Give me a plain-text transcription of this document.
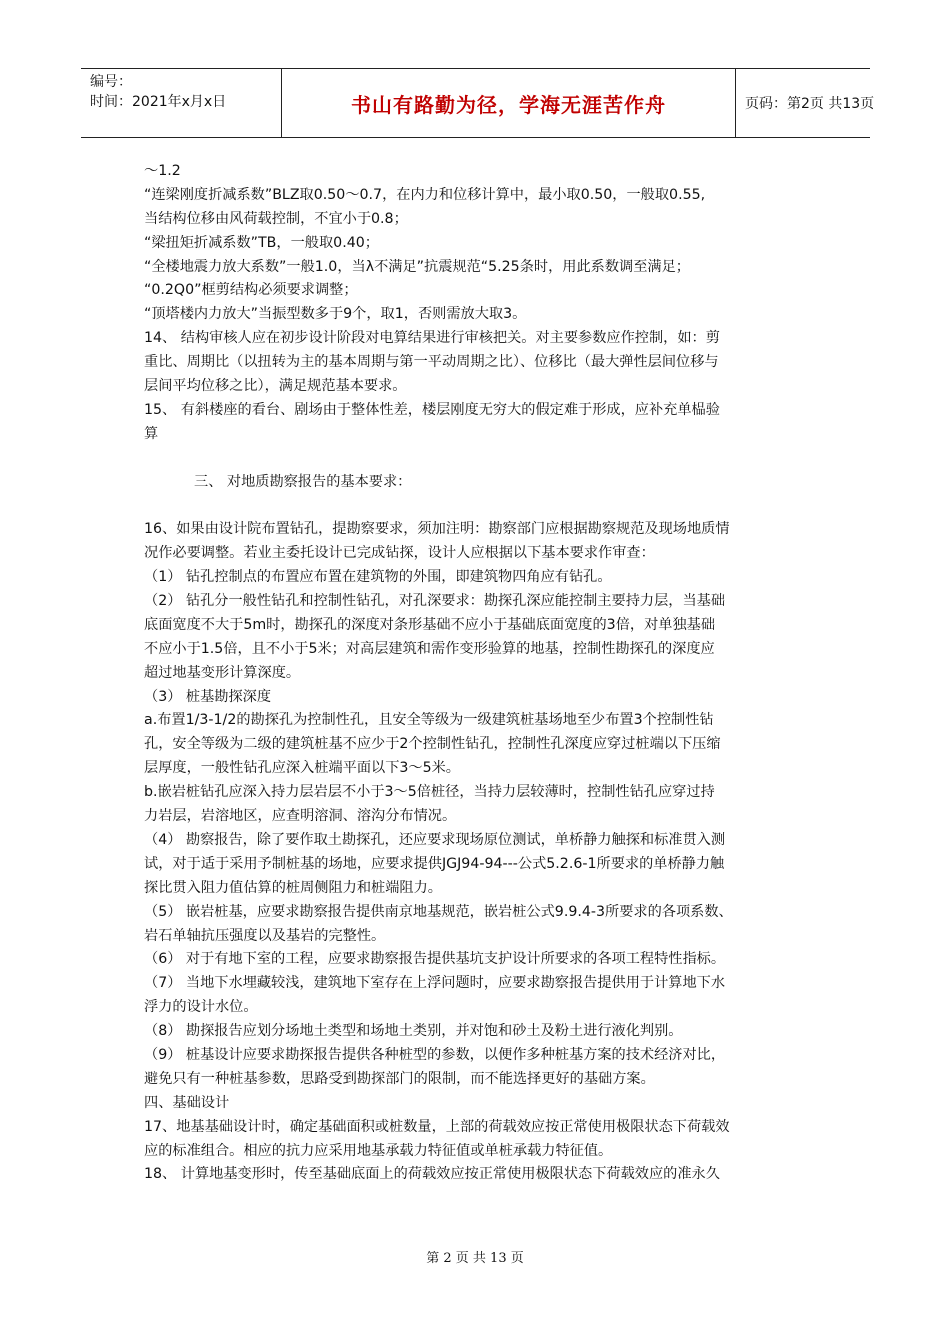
编号：
时间：2021年x月x日	书山有路勤为径，学海无涯苦作舟	页码：第2页 共13页
～1.2
“连梁刚度折减系数”BLZ取0.50～0.7，在内力和位移计算中，最小取0.50，一般取0.55,
当结构位移由风荷载控制，不宜小于0.8；
“梁扭矩折减系数”TB，一般取0.40；
“全楼地震力放大系数”一般1.0，当λ不满足”抗震规范“5.25条时，用此系数调至满足；
“0.2Q0”框剪结构必须要求调整；
“顶塔楼内力放大”当振型数多于9个，取1，否则需放大取3。
14、 结构审核人应在初步设计阶段对电算结果进行审核把关。对主要参数应作控制，如：剪
重比、周期比（以扭转为主的基本周期与第一平动周期之比）、位移比（最大弹性层间位移与
层间平均位移之比），满足规范基本要求。
15、 有斜楼座的看台、剧场由于整体性差，楼层刚度无穷大的假定难于形成，应补充单榀验
算
三、 对地质勘察报告的基本要求：
16、如果由设计院布置钻孔，提勘察要求，须加注明：勘察部门应根据勘察规范及现场地质情
况作必要调整。若业主委托设计已完成钻探，设计人应根据以下基本要求作审查：
（1） 钻孔控制点的布置应布置在建筑物的外围，即建筑物四角应有钻孔。
（2） 钻孔分一般性钻孔和控制性钻孔，对孔深要求：勘探孔深应能控制主要持力层，当基础
底面宽度不大于5m时，勘探孔的深度对条形基础不应小于基础底面宽度的3倍，对单独基础
不应小于1.5倍，且不小于5米；对高层建筑和需作变形验算的地基，控制性勘探孔的深度应
超过地基变形计算深度。
（3） 桩基勘探深度
a.布置1/3-1/2的勘探孔为控制性孔，且安全等级为一级建筑桩基场地至少布置3个控制性钻
孔，安全等级为二级的建筑桩基不应少于2个控制性钻孔，控制性孔深度应穿过桩端以下压缩
层厚度，一般性钻孔应深入桩端平面以下3～5米。
b.嵌岩桩钻孔应深入持力层岩层不小于3～5倍桩径，当持力层较薄时，控制性钻孔应穿过持
力岩层，岩溶地区，应查明溶洞、溶沟分布情况。
（4） 勘察报告，除了要作取土勘探孔，还应要求现场原位测试，单桥静力触探和标准贯入测
试，对于适于采用予制桩基的场地，应要求提供JGJ94-94---公式5.2.6-1所要求的单桥静力触
探比贯入阻力值估算的桩周侧阻力和桩端阻力。
（5） 嵌岩桩基，应要求勘察报告提供南京地基规范，嵌岩桩公式9.9.4-3所要求的各项系数、
岩石单轴抗压强度以及基岩的完整性。
（6） 对于有地下室的工程，应要求勘察报告提供基坑支护设计所要求的各项工程特性指标。
（7） 当地下水埋藏较浅，建筑地下室存在上浮问题时，应要求勘察报告提供用于计算地下水
浮力的设计水位。
（8） 勘探报告应划分场地土类型和场地土类别，并对饱和砂土及粉土进行液化判别。
（9） 桩基设计应要求勘探报告提供各种桩型的参数，以便作多种桩基方案的技术经济对比，
避免只有一种桩基参数，思路受到勘探部门的限制，而不能选择更好的基础方案。
四、基础设计
17、地基基础设计时，确定基础面积或桩数量，上部的荷载效应按正常使用极限状态下荷载效
应的标准组合。相应的抗力应采用地基承载力特征值或单桩承载力特征值。
18、 计算地基变形时，传至基础底面上的荷载效应按正常使用极限状态下荷载效应的准永久
第 2 页 共 13 页
